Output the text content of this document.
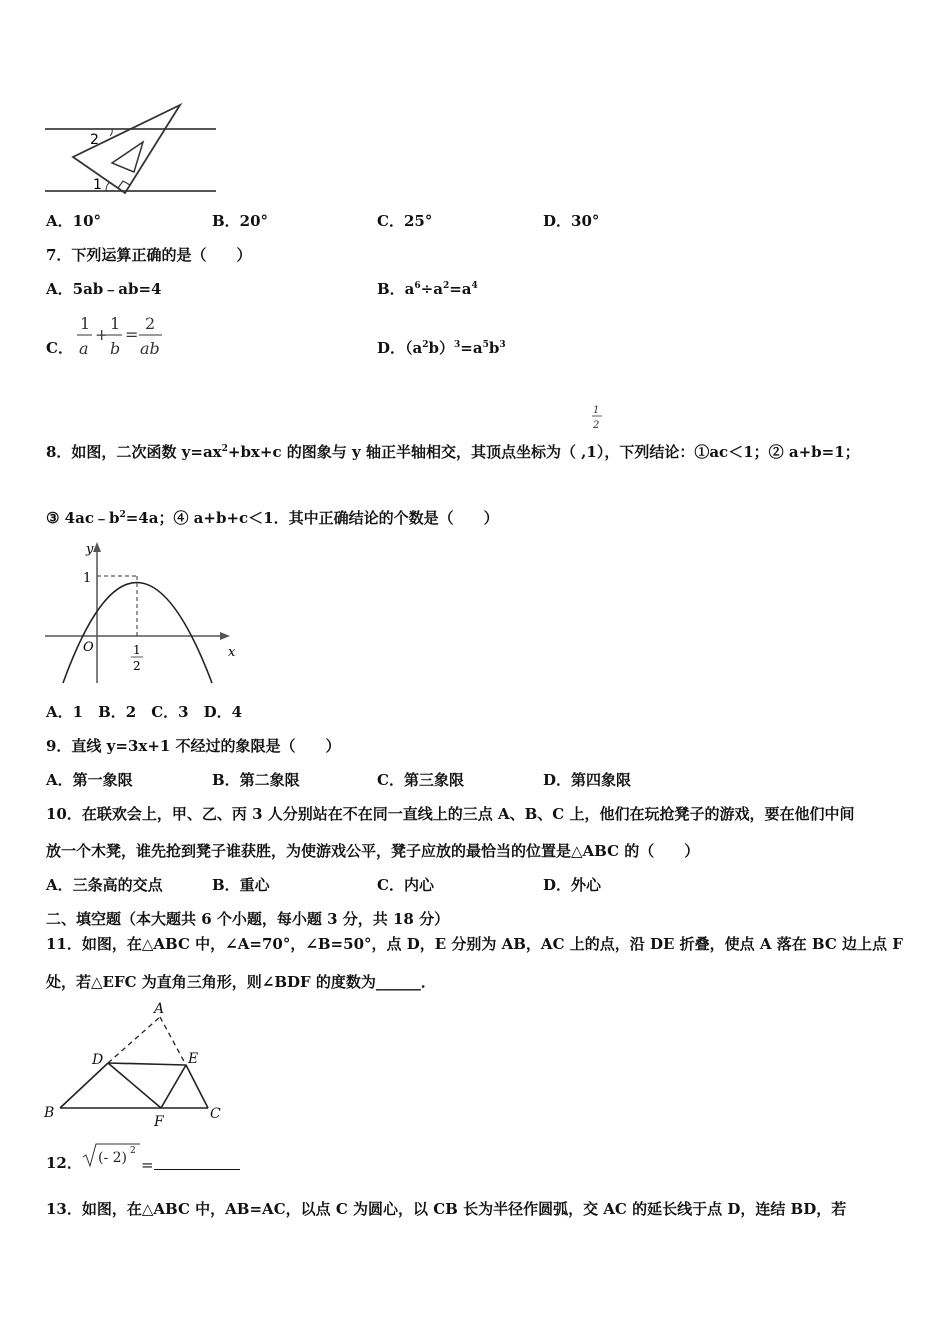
2
1
A．10°	B．20°	C．25°	D．30°
7．下列运算正确的是（　　）
A．5ab﹣ab=4	B．$a^6\div a^2=a^4$
C．
1
a
+
1
b
=
2
ab	D．$(a^2b)^3=a^5b^3$
1
2
8．如图，二次函数 $y=ax^2+bx+c$ 的图象与 y 轴正半轴相交，其顶点坐标为（ ,1），下列结论：①ac＜1；② a+b=1；
③ $4ac﹣b^2=4a$；④ a+b+c＜1．其中正确结论的个数是（　　）
y
x
O
1
1
2
A．1　B．2　C．3　D．4
9．直线 y=3x+1 不经过的象限是（　　）
A．第一象限	B．第二象限	C．第三象限	D．第四象限
10．在联欢会上，甲、乙、丙 3 人分别站在不在同一直线上的三点 A、B、C 上，他们在玩抢凳子的游戏，要在他们中间
放一个木凳，谁先抢到凳子谁获胜，为使游戏公平，凳子应放的最恰当的位置是△ABC 的（　　）
A．三条高的交点	B．重心	C．内心	D．外心
二、填空题（本大题共 6 个小题，每小题 3 分，共 18 分）
11．如图，在△ABC 中，∠A=70°，∠B=50°，点 D，E 分别为 AB，AC 上的点，沿 DE 折叠，使点 A 落在 BC 边上点 F
处，若△EFC 为直角三角形，则∠BDF 的度数为______．
A
D	E
B
F	C
12． (- 2) 2
=
13．如图，在△ABC 中，AB=AC，以点 C 为圆心，以 CB 长为半径作圆弧，交 AC 的延长线于点 D，连结 BD，若
